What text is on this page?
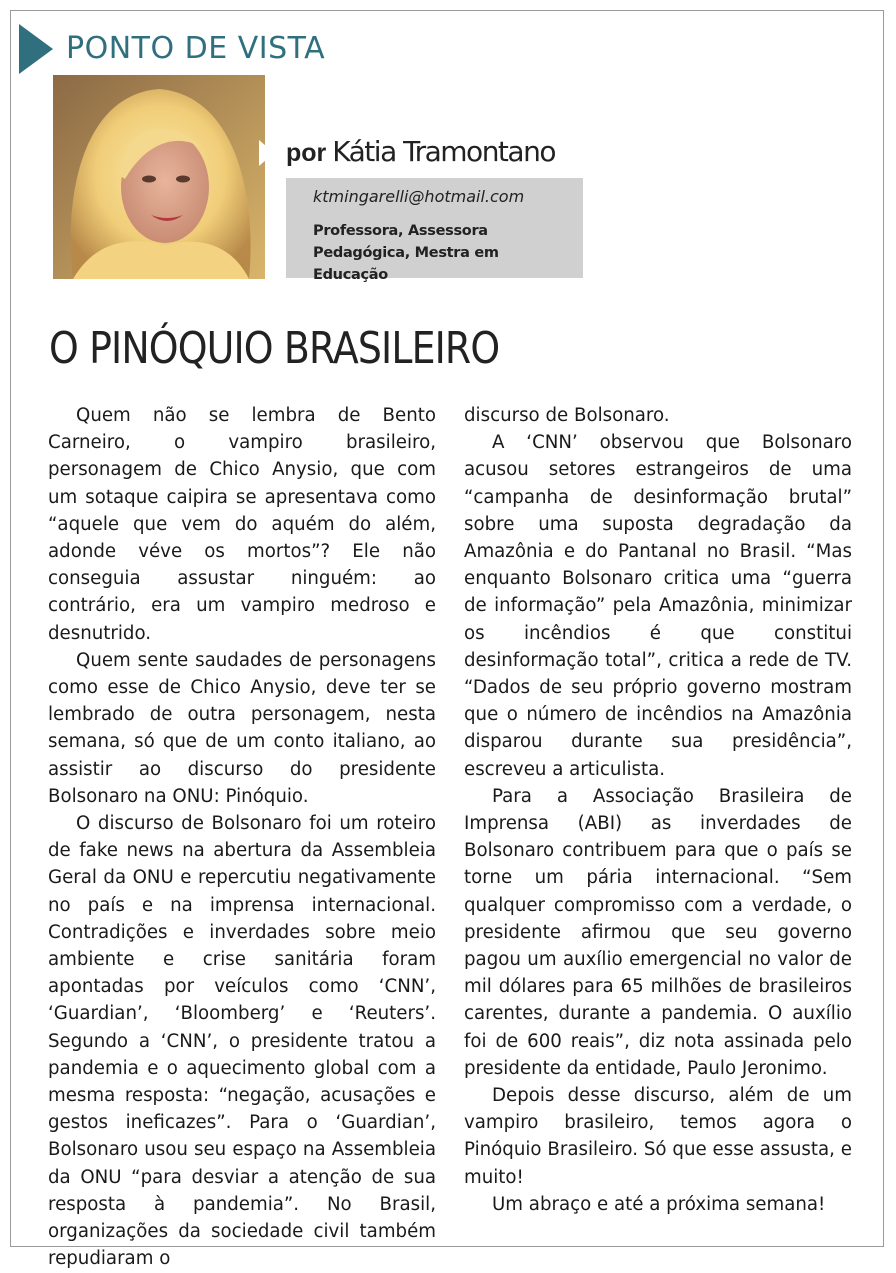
PONTO DE VISTA
por Kátia Tramontano
ktmingarelli@hotmail.com
Professora, Assessora Pedagógica, Mestra em Educação
O PINÓQUIO BRASILEIRO

Quem não se lembra de Bento Carneiro, o vampiro brasileiro, personagem de Chico Anysio, que com um sotaque caipira se apresentava como “aquele que vem do aquém do além, adonde véve os mortos”? Ele não conseguia assustar ninguém: ao contrário, era um vampiro medroso e desnutrido.

Quem sente saudades de personagens como esse de Chico Anysio, deve ter se lembrado de outra personagem, nesta semana, só que de um conto italiano, ao assistir ao discurso do presidente Bolsonaro na ONU: Pinóquio.

O discurso de Bolsonaro foi um roteiro de fake news na abertura da Assembleia Geral da ONU e repercutiu negativamente no país e na imprensa internacional. Contradições e inverdades sobre meio ambiente e crise sanitária foram apontadas por veículos como ‘CNN’, ‘Guardian’, ‘Bloomberg’ e ‘Reuters’. Segundo a ‘CNN’, o presidente tratou a pandemia e o aquecimento global com a mesma resposta: “negação, acusações e gestos ineficazes”. Para o ‘Guardian’, Bolsonaro usou seu espaço na Assembleia da ONU “para desviar a atenção de sua resposta à pandemia”. No Brasil, organizações da sociedade civil também repudiaram o

discurso de Bolsonaro.

A ‘CNN’ observou que Bolsonaro acusou setores estrangeiros de uma “campanha de desinformação brutal” sobre uma suposta degradação da Amazônia e do Pantanal no Brasil. “Mas enquanto Bolsonaro critica uma “guerra de informação” pela Amazônia, minimizar os incêndios é que constitui desinformação total”, critica a rede de TV. “Dados de seu próprio governo mostram que o número de incêndios na Amazônia disparou durante sua presidência”, escreveu a articulista.

Para a Associação Brasileira de Imprensa (ABI) as inverdades de Bolsonaro contribuem para que o país se torne um pária internacional. “Sem qualquer compromisso com a verdade, o presidente afirmou que seu governo pagou um auxílio emergencial no valor de mil dólares para 65 milhões de brasileiros carentes, durante a pandemia. O auxílio foi de 600 reais”, diz nota assinada pelo presidente da entidade, Paulo Jeronimo.

Depois desse discurso, além de um vampiro brasileiro, temos agora o Pinóquio Brasileiro. Só que esse assusta, e muito!

Um abraço e até a próxima semana!
